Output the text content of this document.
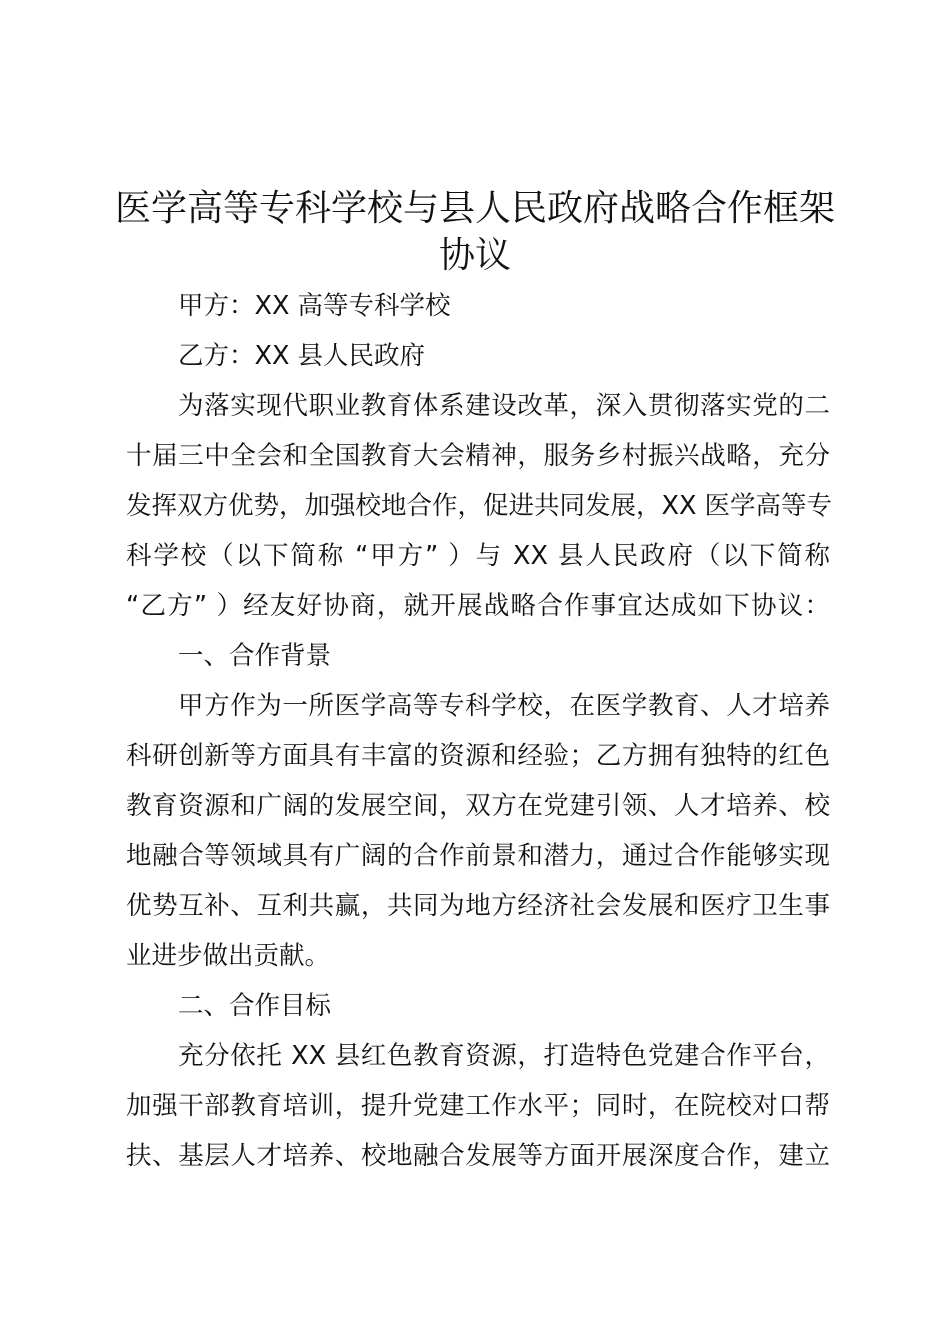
医学高等专科学校与县人民政府战略合作框架
协议

甲方：XX 高等专科学校

乙方：XX 县人民政府

为落实现代职业教育体系建设改革，深入贯彻落实党的二

十届三中全会和全国教育大会精神，服务乡村振兴战略，充分

发挥双方优势，加强校地合作，促进共同发展，XX 医学高等专

科学校（以下简称 “甲方” ）与 XX 县人民政府（以下简称

“乙方” ）经友好协商，就开展战略合作事宜达成如下协议：

一、合作背景

甲方作为一所医学高等专科学校，在医学教育、人才培养

科研创新等方面具有丰富的资源和经验；乙方拥有独特的红色

教育资源和广阔的发展空间，双方在党建引领、人才培养、校

地融合等领域具有广阔的合作前景和潜力，通过合作能够实现

优势互补、互利共赢，共同为地方经济社会发展和医疗卫生事

业进步做出贡献。

二、合作目标

充分依托 XX 县红色教育资源，打造特色党建合作平台，

加强干部教育培训，提升党建工作水平；同时，在院校对口帮

扶、基层人才培养、校地融合发展等方面开展深度合作，建立
